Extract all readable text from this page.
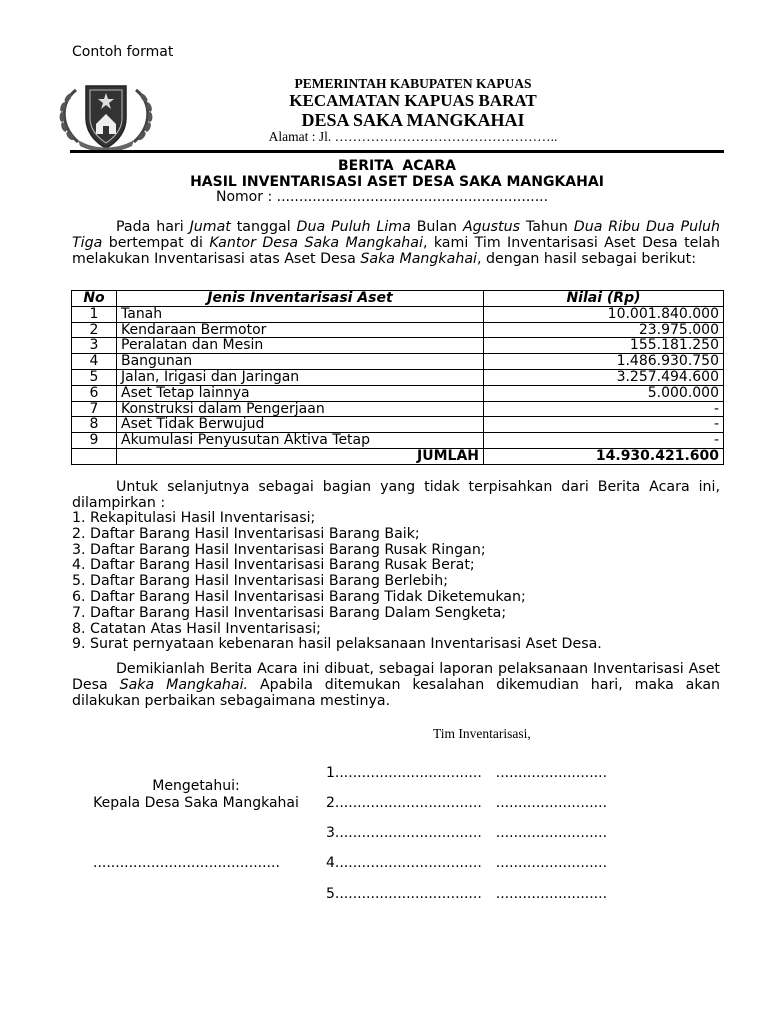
Contoh format
PEMERINTAH KABUPATEN KAPUAS
KECAMATAN KAPUAS BARAT
DESA SAKA MANGKAHAI
Alamat : Jl. …………………………………………..
BERITA ACARA
HASIL INVENTARISASI ASET DESA SAKA MANGKAHAI
Nomor : .............................................................
Pada hari Jumat tanggal Dua Puluh Lima Bulan Agustus Tahun Dua Ribu Dua Puluh Tiga bertempat di Kantor Desa Saka Mangkahai, kami Tim Inventarisasi Aset Desa telah melakukan Inventarisasi atas Aset Desa Saka Mangkahai, dengan hasil sebagai berikut:
No	Jenis Inventarisasi Aset	Nilai (Rp)
1	Tanah	10.001.840.000
2	Kendaraan Bermotor	23.975.000
3	Peralatan dan Mesin	155.181.250
4	Bangunan	1.486.930.750
5	Jalan, Irigasi dan Jaringan	3.257.494.600
6	Aset Tetap lainnya	5.000.000
7	Konstruksi dalam Pengerjaan	-
8	Aset Tidak Berwujud	-
9	Akumulasi Penyusutan Aktiva Tetap	-
	JUMLAH	14.930.421.600
Untuk selanjutnya sebagai bagian yang tidak terpisahkan dari Berita Acara ini, dilampirkan :
1. Rekapitulasi Hasil Inventarisasi;
2. Daftar Barang Hasil Inventarisasi Barang Baik;
3. Daftar Barang Hasil Inventarisasi Barang Rusak Ringan;
4. Daftar Barang Hasil Inventarisasi Barang Rusak Berat;
5. Daftar Barang Hasil Inventarisasi Barang Berlebih;
6. Daftar Barang Hasil Inventarisasi Barang Tidak Diketemukan;
7. Daftar Barang Hasil Inventarisasi Barang Dalam Sengketa;
8. Catatan Atas Hasil Inventarisasi;
9. Surat pernyataan kebenaran hasil pelaksanaan Inventarisasi Aset Desa.
Demikianlah Berita Acara ini dibuat, sebagai laporan pelaksanaan Inventarisasi Aset Desa Saka Mangkahai. Apabila ditemukan kesalahan dikemudian hari, maka akan dilakukan perbaikan sebagaimana mestinya.
Tim Inventarisasi,
Mengetahui:
Kepala Desa Saka Mangkahai
..........................................
1................................. .........................
2................................. .........................
3................................. .........................
4................................. .........................
5................................. .........................
